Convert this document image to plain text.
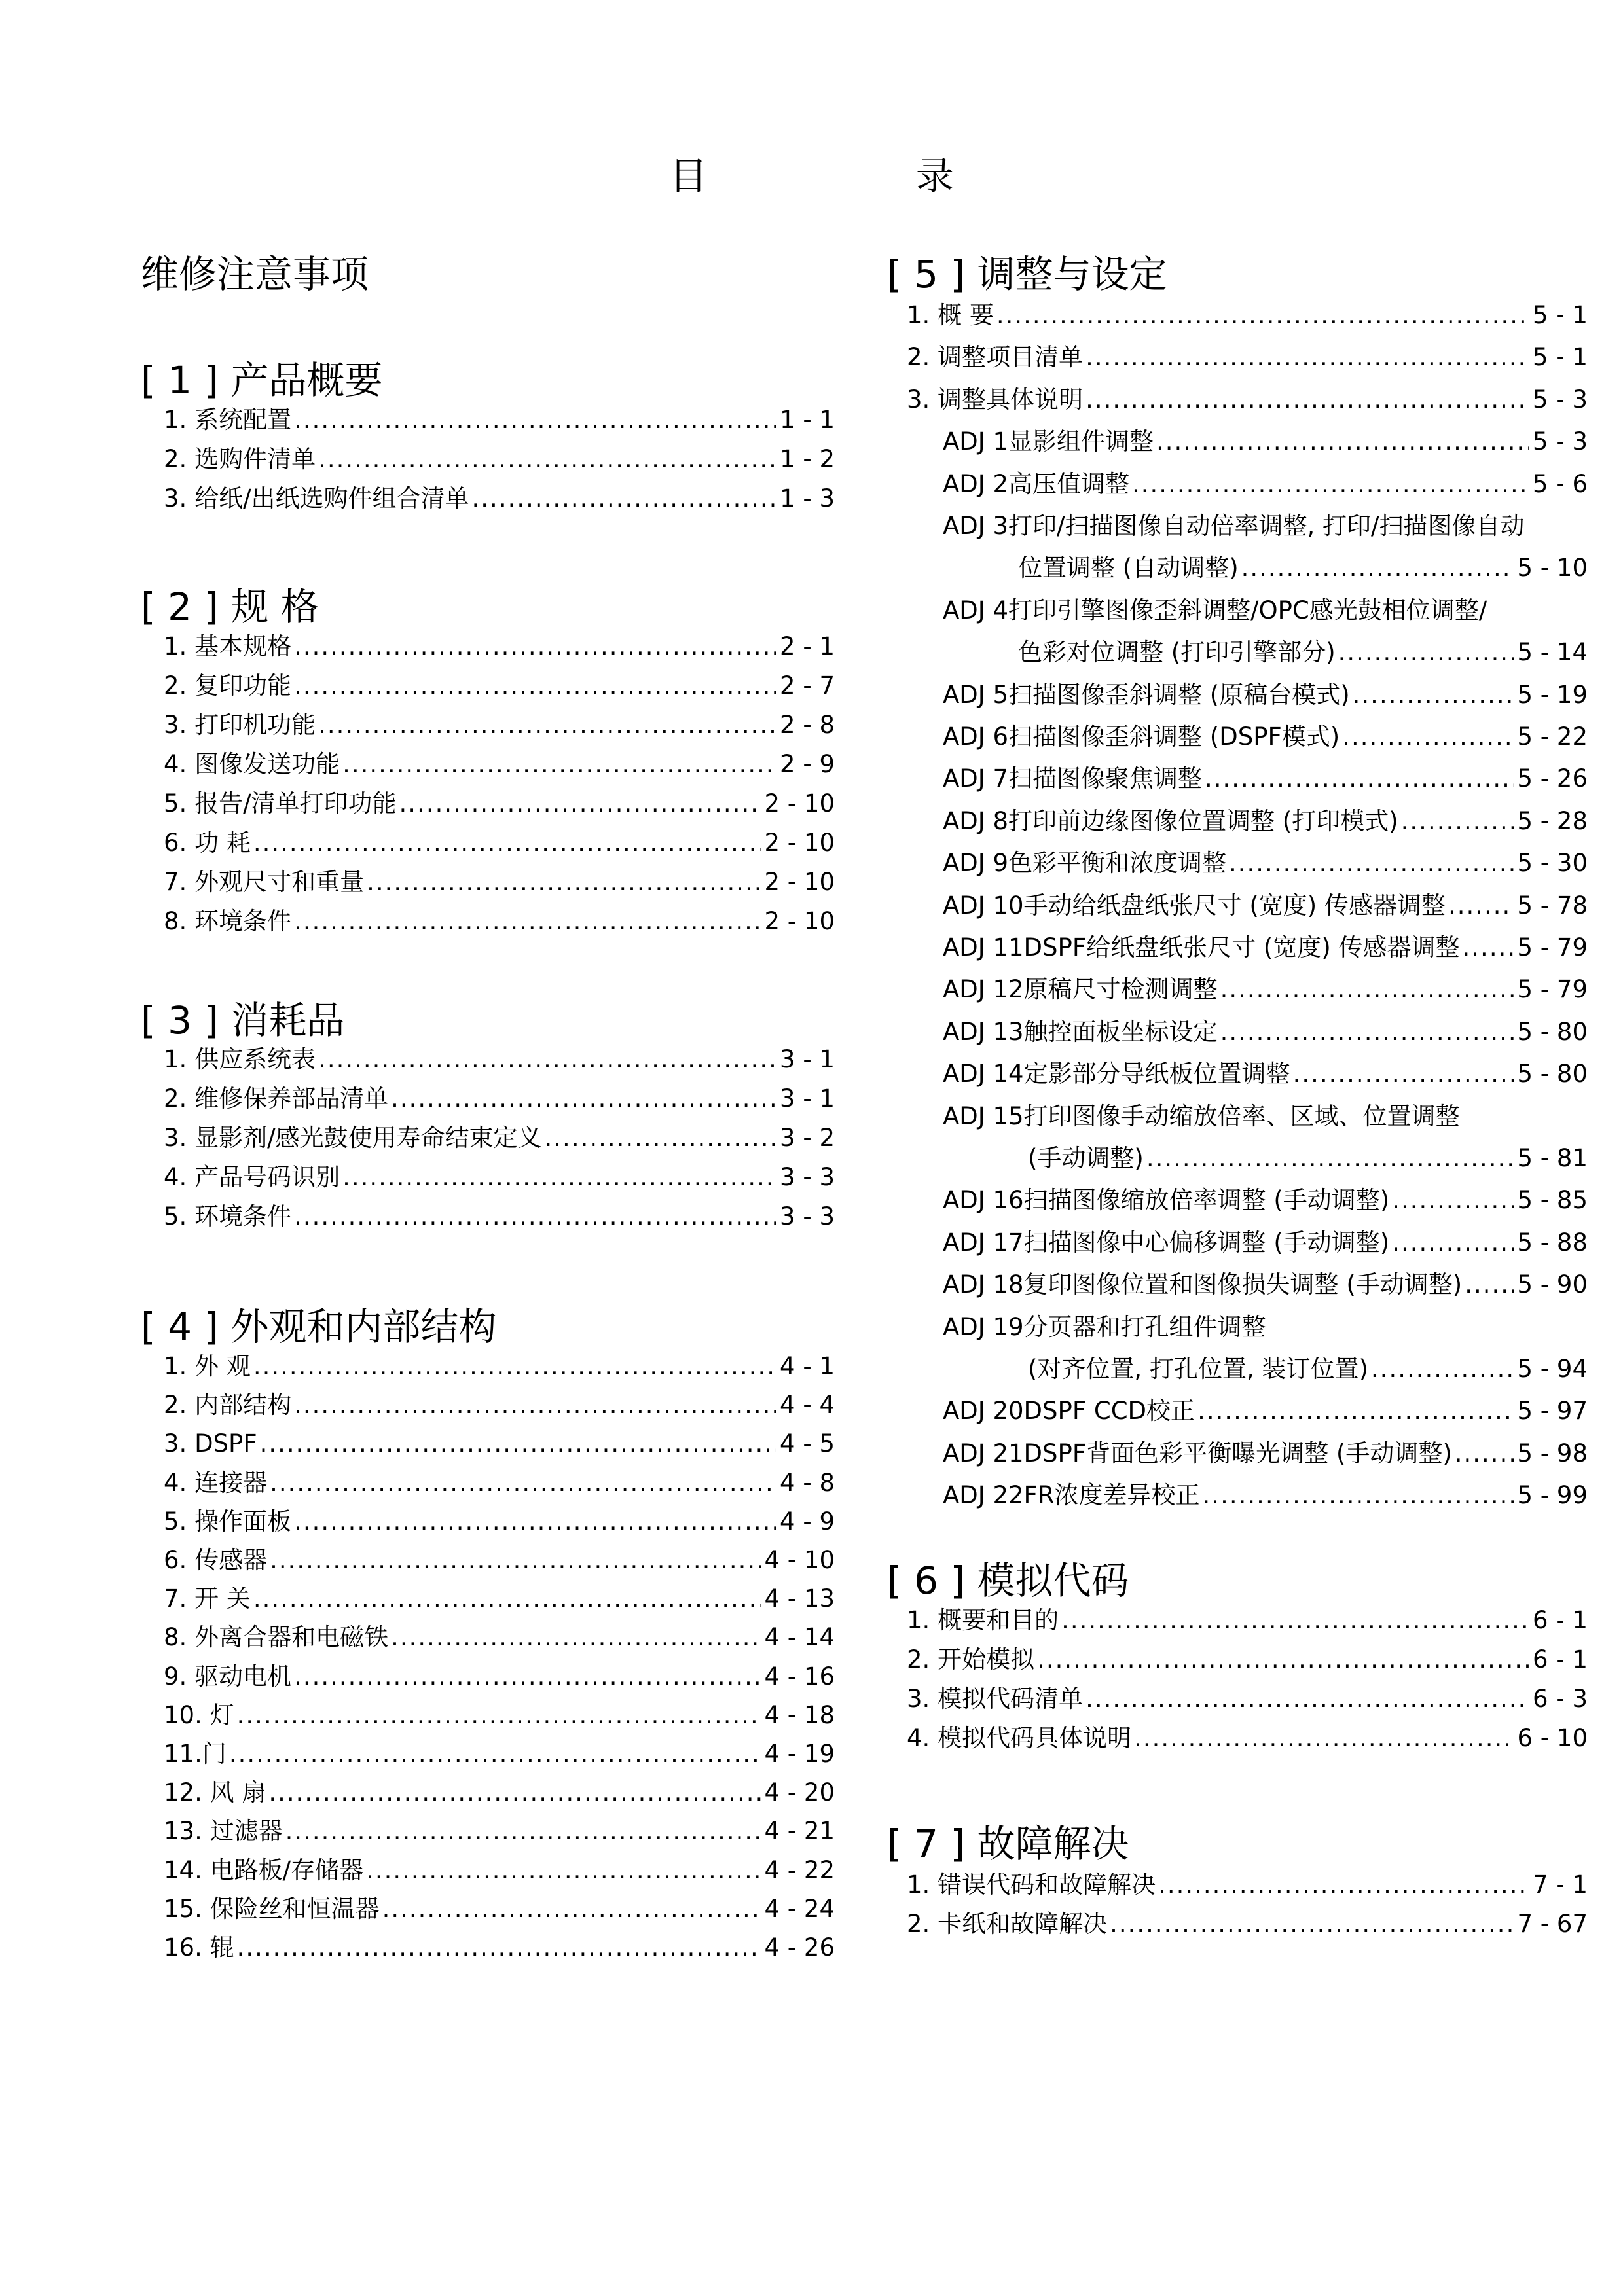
目 录
维修注意事项
[ 1 ] 产品概要
1. 系统配置 .....	1 - 1
2. 选购件清单 .....	1 - 2
3. 给纸/出纸选购件组合清单 .....	1 - 3
[ 2 ] 规 格
1. 基本规格 .....	2 - 1
2. 复印功能 .....	2 - 7
3. 打印机功能 .....	2 - 8
4. 图像发送功能 .....	2 - 9
5. 报告/清单打印功能 .....	2 - 10
6. 功 耗 .....	2 - 10
7. 外观尺寸和重量 .....	2 - 10
8. 环境条件 .....	2 - 10
[ 3 ] 消耗品
1. 供应系统表 .....	3 - 1
2. 维修保养部品清单 .....	3 - 1
3. 显影剂/感光鼓使用寿命结束定义 .....	3 - 2
4. 产品号码识别 .....	3 - 3
5. 环境条件 .....	3 - 3
[ 4 ] 外观和内部结构
1. 外 观 .....	4 - 1
2. 内部结构 .....	4 - 4
3. DSPF .....	4 - 5
4. 连接器 .....	4 - 8
5. 操作面板 .....	4 - 9
6. 传感器 .....	4 - 10
7. 开 关 .....	4 - 13
8. 外离合器和电磁铁 .....	4 - 14
9. 驱动电机 .....	4 - 16
10. 灯 .....	4 - 18
11.门 .....	4 - 19
12. 风 扇 .....	4 - 20
13. 过滤器 .....	4 - 21
14. 电路板/存储器 .....	4 - 22
15. 保险丝和恒温器 .....	4 - 24
16. 辊 .....	4 - 26
[ 5 ] 调整与设定
1. 概 要 .....	5 - 1
2. 调整项目清单 .....	5 - 1
3. 调整具体说明 .....	5 - 3
ADJ 1显影组件调整 .....	5 - 3
ADJ 2高压值调整 .....	5 - 6
ADJ 3打印/扫描图像自动倍率调整, 打印/扫描图像自动
位置调整 (自动调整) .....	5 - 10
ADJ 4打印引擎图像歪斜调整/OPC感光鼓相位调整/
色彩对位调整 (打印引擎部分) .....	5 - 14
ADJ 5扫描图像歪斜调整 (原稿台模式) .....	5 - 19
ADJ 6扫描图像歪斜调整 (DSPF模式) .....	5 - 22
ADJ 7扫描图像聚焦调整 .....	5 - 26
ADJ 8打印前边缘图像位置调整 (打印模式) .....	5 - 28
ADJ 9色彩平衡和浓度调整 .....	5 - 30
ADJ 10手动给纸盘纸张尺寸 (宽度) 传感器调整 .....	5 - 78
ADJ 11DSPF给纸盘纸张尺寸 (宽度) 传感器调整 ..... 5 - 79
ADJ 12原稿尺寸检测调整 .....	5 - 79
ADJ 13触控面板坐标设定 .....	5 - 80
ADJ 14定影部分导纸板位置调整 .....	5 - 80
ADJ 15打印图像手动缩放倍率、区域、位置调整
(手动调整) .....	5 - 81
ADJ 16扫描图像缩放倍率调整 (手动调整) .....	5 - 85
ADJ 17扫描图像中心偏移调整 (手动调整) .....	5 - 88
ADJ 18复印图像位置和图像损失调整 (手动调整) ..... 5 - 90
ADJ 19分页器和打孔组件调整
(对齐位置, 打孔位置, 装订位置) .....	5 - 94
ADJ 20DSPF CCD校正 .....	5 - 97
ADJ 21DSPF背面色彩平衡曝光调整 (手动调整) .....	5 - 98
ADJ 22FR浓度差异校正 .....	5 - 99
[ 6 ] 模拟代码
1. 概要和目的 .....	6 - 1
2. 开始模拟 .....	6 - 1
3. 模拟代码清单 .....	6 - 3
4. 模拟代码具体说明 .....	6 - 10
[ 7 ] 故障解决
1. 错误代码和故障解决 .....	7 - 1
2. 卡纸和故障解决 .....	7 - 67
